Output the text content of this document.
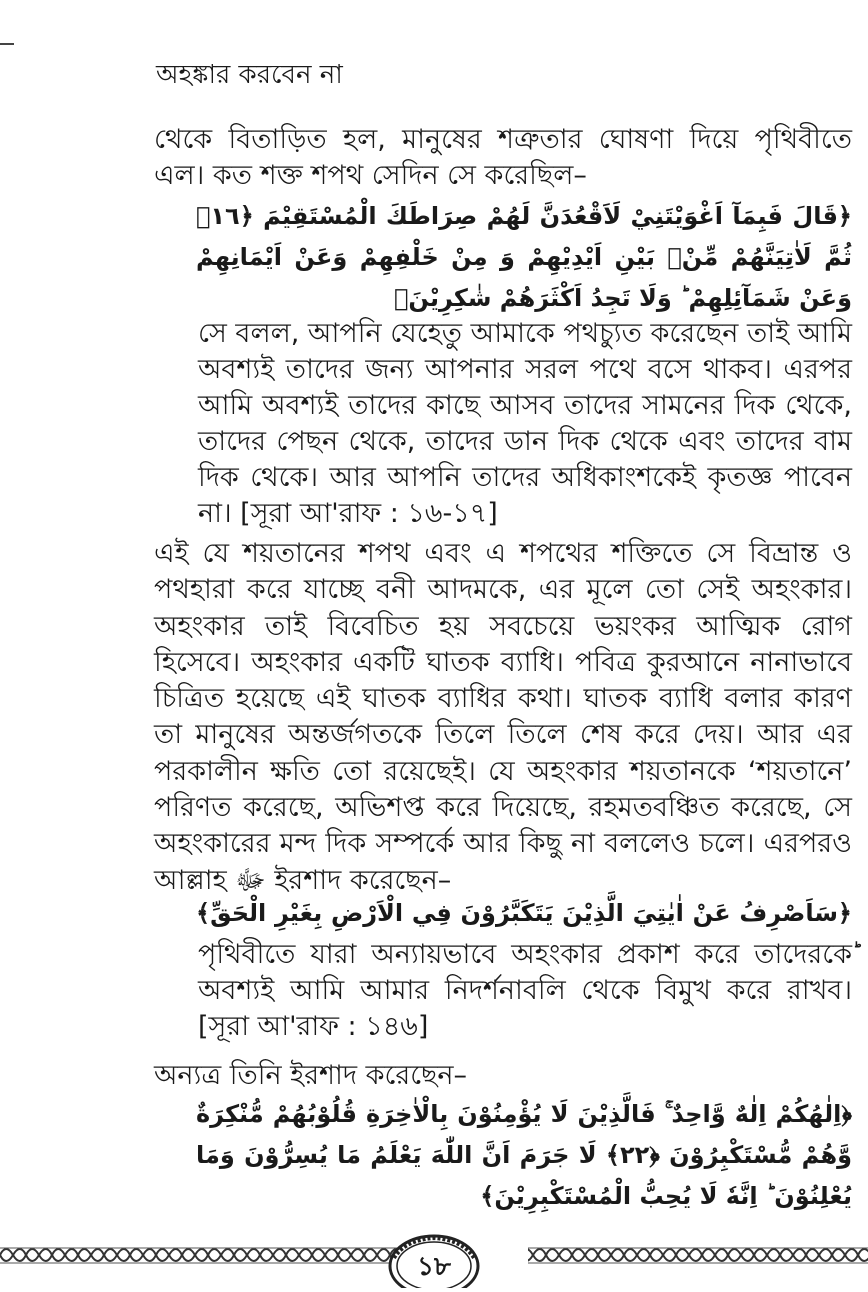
অহঙ্কার করবেন না
থেকে বিতাড়িত হল, মানুষের শত্রুতার ঘোষণা দিয়ে পৃথিবীতে এল। কত শক্ত শপথ সেদিন সে করেছিল–
﴿قَالَ فَبِمَآ اَغْوَيْتَنِيْ لَاَقْعُدَنَّ لَهُمْ صِرَاطَكَ الْمُسْتَقِيْمَ ﴿١٦﴾ ثُمَّ لَاٰتِيَنَّهُمْ مِّنْۢ بَيْنِ اَيْدِيْهِمْ وَ مِنْ خَلْفِهِمْ وَعَنْ اَيْمَانِهِمْ وَعَنْ شَمَآئِلِهِمْ ؕ وَلَا تَجِدُ اَكْثَرَهُمْ شٰكِرِيْنَ﴾
সে বলল, আপনি যেহেতু আমাকে পথচ্যুত করেছেন তাই আমি অবশ্যই তাদের জন্য আপনার সরল পথে বসে থাকব। এরপর আমি অবশ্যই তাদের কাছে আসব তাদের সামনের দিক থেকে, তাদের পেছন থেকে, তাদের ডান দিক থেকে এবং তাদের বাম দিক থেকে। আর আপনি তাদের অধিকাংশকেই কৃতজ্ঞ পাবেন না। [সূরা আ'রাফ : ১৬-১৭]
এই যে শয়তানের শপথ এবং এ শপথের শক্তিতে সে বিভ্রান্ত ও পথহারা করে যাচ্ছে বনী আদমকে, এর মূলে তো সেই অহংকার। অহংকার তাই বিবেচিত হয় সবচেয়ে ভয়ংকর আত্মিক রোগ হিসেবে। অহংকার একটি ঘাতক ব্যাধি। পবিত্র কুরআনে নানাভাবে চিত্রিত হয়েছে এই ঘাতক ব্যাধির কথা। ঘাতক ব্যাধি বলার কারণ তা মানুষের অন্তর্জগতকে তিলে তিলে শেষ করে দেয়। আর এর পরকালীন ক্ষতি তো রয়েছেই। যে অহংকার শয়তানকে ‘শয়তানে’ পরিণত করেছে, অভিশপ্ত করে দিয়েছে, রহমতবঞ্চিত করেছে, সে অহংকারের মন্দ দিক সম্পর্কে আর কিছু না বললেও চলে। এরপরও আল্লাহ ﷻ ইরশাদ করেছেন–
﴿سَاَصْرِفُ عَنْ اٰيٰتِيَ الَّذِيْنَ يَتَكَبَّرُوْنَ فِي الْاَرْضِ بِغَيْرِ الْحَقِّ﴾
পৃথিবীতে যারা অন্যায়ভাবে অহংকার প্রকাশ করে তাদেরকে অবশ্যই আমি আমার নিদর্শনাবলি থেকে বিমুখ করে রাখব। [সূরা আ'রাফ : ১৪৬]
অন্যত্র তিনি ইরশাদ করেছেন–
﴿اِلٰهُكُمْ اِلٰهٌ وَّاحِدٌ ۚ فَالَّذِيْنَ لَا يُؤْمِنُوْنَ بِالْاٰخِرَةِ قُلُوْبُهُمْ مُّنْكِرَةٌ وَّهُمْ مُّسْتَكْبِرُوْنَ ﴿٢٢﴾ لَا جَرَمَ اَنَّ اللّٰهَ يَعْلَمُ مَا يُسِرُّوْنَ وَمَا يُعْلِنُوْنَ ؕ اِنَّهٗ لَا يُحِبُّ الْمُسْتَكْبِرِيْنَ﴾
১৮
